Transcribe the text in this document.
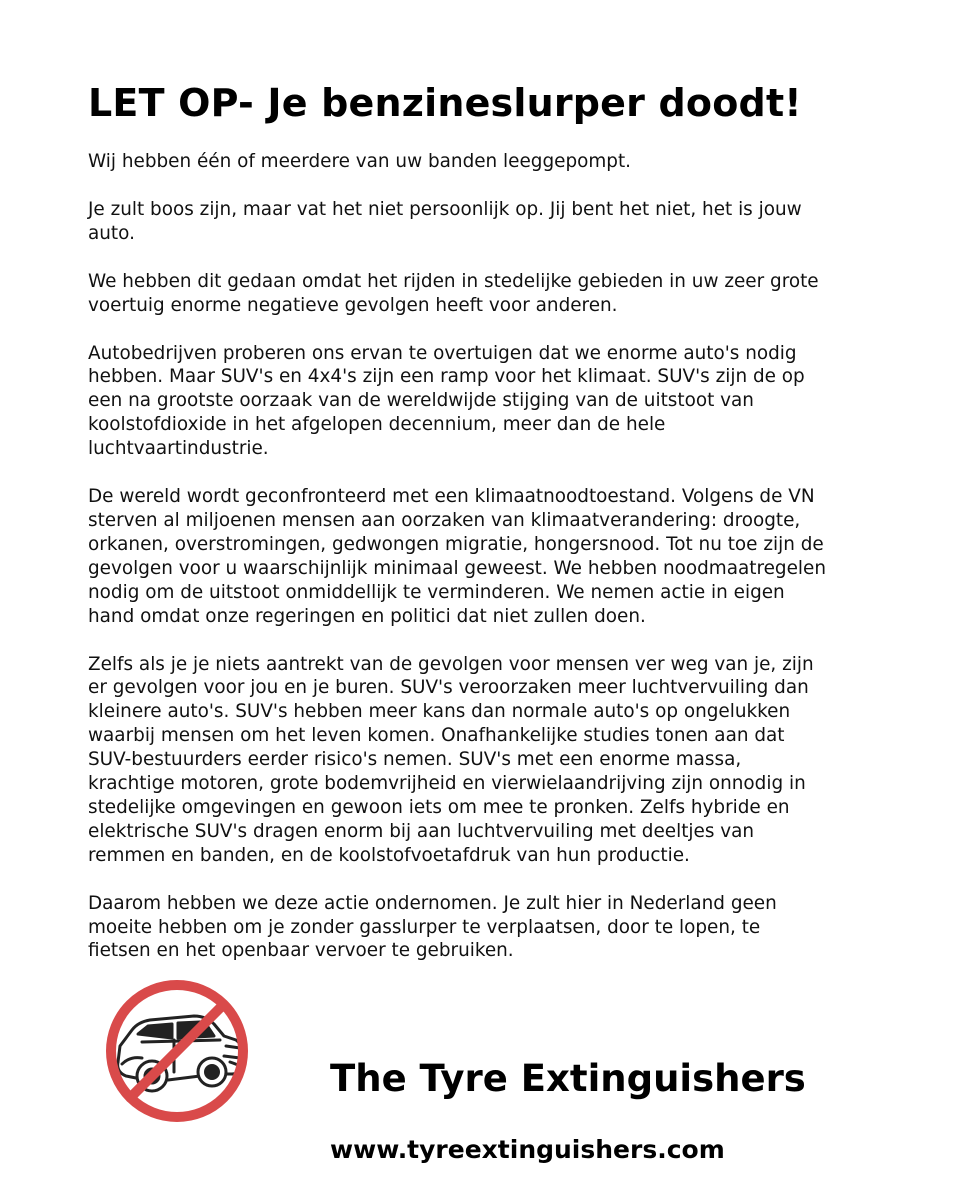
LET OP- Je benzineslurper doodt!

Wij hebben één of meerdere van uw banden leeggepompt.

Je zult boos zijn, maar vat het niet persoonlijk op. Jij bent het niet, het is jouw
auto.

We hebben dit gedaan omdat het rijden in stedelijke gebieden in uw zeer grote
voertuig enorme negatieve gevolgen heeft voor anderen.

Autobedrijven proberen ons ervan te overtuigen dat we enorme auto's nodig
hebben. Maar SUV's en 4x4's zijn een ramp voor het klimaat. SUV's zijn de op
een na grootste oorzaak van de wereldwijde stijging van de uitstoot van
koolstofdioxide in het afgelopen decennium, meer dan de hele
luchtvaartindustrie.

De wereld wordt geconfronteerd met een klimaatnoodtoestand. Volgens de VN
sterven al miljoenen mensen aan oorzaken van klimaatverandering: droogte,
orkanen, overstromingen, gedwongen migratie, hongersnood. Tot nu toe zijn de
gevolgen voor u waarschijnlijk minimaal geweest. We hebben noodmaatregelen
nodig om de uitstoot onmiddellijk te verminderen. We nemen actie in eigen
hand omdat onze regeringen en politici dat niet zullen doen.

Zelfs als je je niets aantrekt van de gevolgen voor mensen ver weg van je, zijn
er gevolgen voor jou en je buren. SUV's veroorzaken meer luchtvervuiling dan
kleinere auto's. SUV's hebben meer kans dan normale auto's op ongelukken
waarbij mensen om het leven komen. Onafhankelijke studies tonen aan dat
SUV-bestuurders eerder risico's nemen. SUV's met een enorme massa,
krachtige motoren, grote bodemvrijheid en vierwielaandrijving zijn onnodig in
stedelijke omgevingen en gewoon iets om mee te pronken. Zelfs hybride en
elektrische SUV's dragen enorm bij aan luchtvervuiling met deeltjes van
remmen en banden, en de koolstofvoetafdruk van hun productie.

Daarom hebben we deze actie ondernomen. Je zult hier in Nederland geen
moeite hebben om je zonder gasslurper te verplaatsen, door te lopen, te
fietsen en het openbaar vervoer te gebruiken.

The Tyre Extinguishers
www.tyreextinguishers.com
